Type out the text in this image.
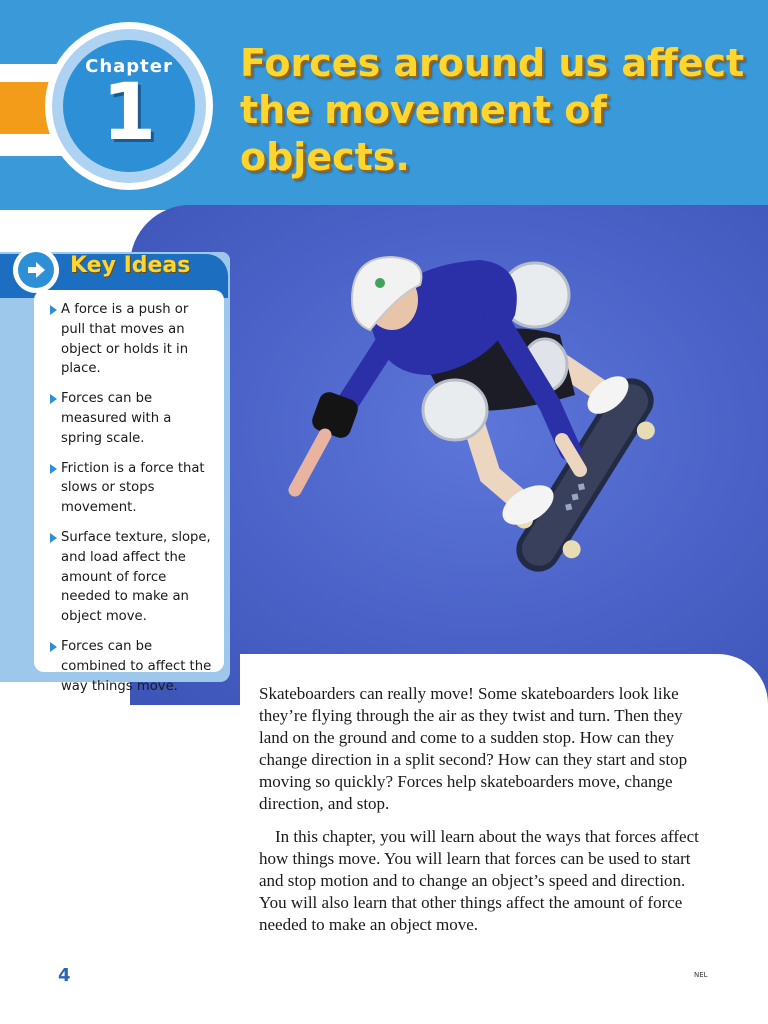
Chapter
1
Forces around us affect the movement of objects.
◆ ◆ ◆
Key Ideas
A force is a push or pull that moves an object or holds it in place.
Forces can be measured with a spring scale.
Friction is a force that slows or stops movement.
Surface texture, slope, and load affect the amount of force needed to make an object move.
Forces can be combined to affect the way things move.	Skateboarders can really move! Some skateboarders look like they’re flying through the air as they twist and turn. Then they land on the ground and come to a sudden stop. How can they change direction in a split second? How can they start and stop moving so quickly? Forces help skateboarders move, change direction, and stop.

In this chapter, you will learn about the ways that forces affect how things move. You will learn that forces can be used to start and stop motion and to change an object’s speed and direction. You will also learn that other things affect the amount of force needed to make an object move.

4	NEL
